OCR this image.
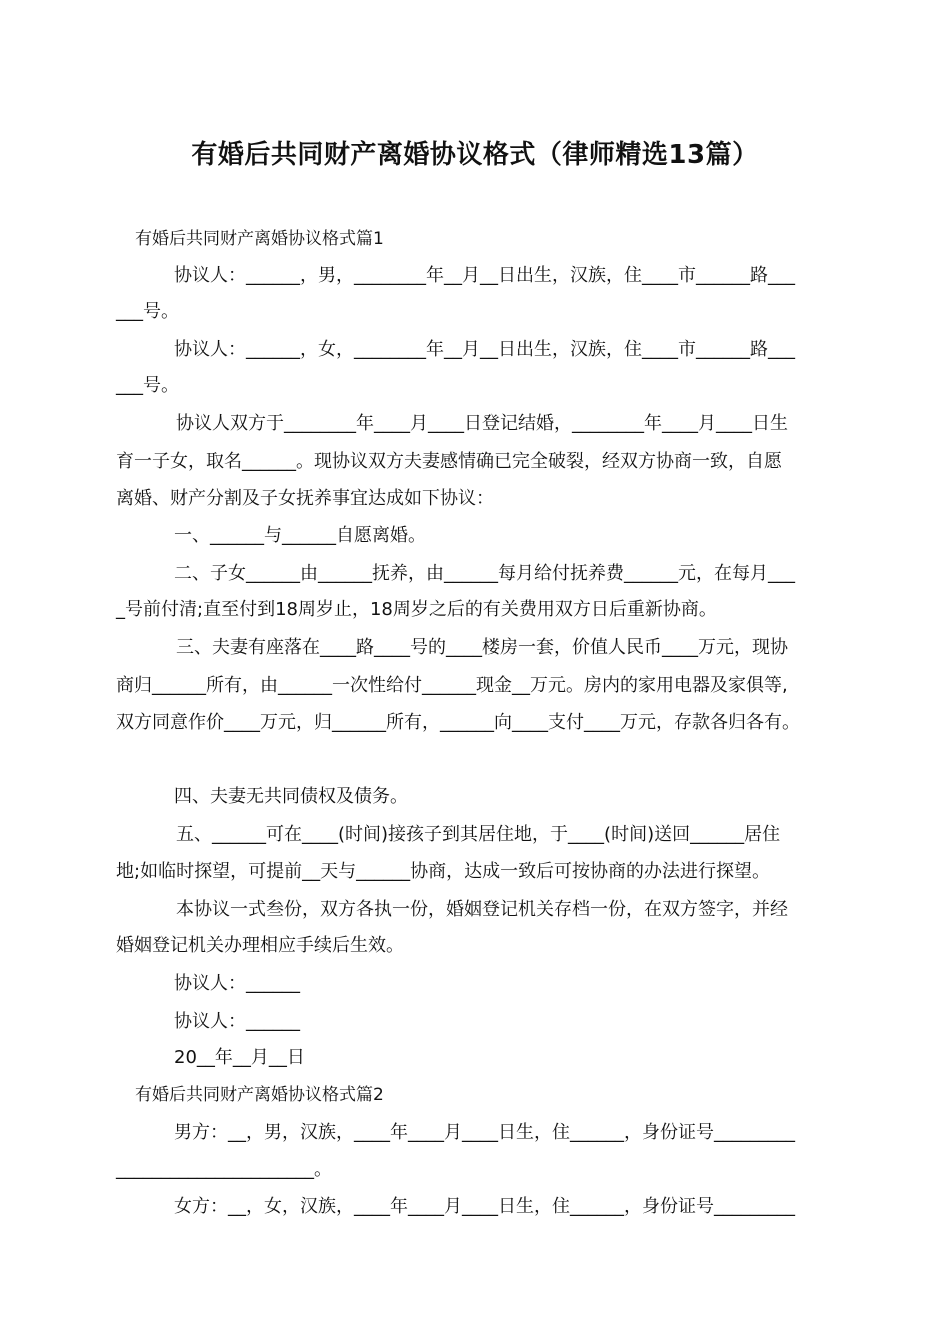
有婚后共同财产离婚协议格式（律师精选13篇）

有婚后共同财产离婚协议格式篇1

协议人：______，男，________年__月__日出生，汉族，住____市______路___

___号。

协议人：______，女，________年__月__日出生，汉族，住____市______路___

___号。

协议人双方于________年____月____日登记结婚，________年____月____日生

育一子女，取名______。现协议双方夫妻感情确已完全破裂，经双方协商一致，自愿

离婚、财产分割及子女抚养事宜达成如下协议：

一、______与______自愿离婚。

二、子女______由______抚养，由______每月给付抚养费______元，在每月___

_号前付清;直至付到18周岁止，18周岁之后的有关费用双方日后重新协商。

三、夫妻有座落在____路____号的____楼房一套，价值人民币____万元，现协

商归______所有，由______一次性给付______现金__万元。房内的家用电器及家俱等,

双方同意作价____万元，归______所有，______向____支付____万元，存款各归各有。

四、夫妻无共同债权及债务。

五、______可在____(时间)接孩子到其居住地，于____(时间)送回______居住

地;如临时探望，可提前__天与______协商，达成一致后可按协商的办法进行探望。

本协议一式叁份，双方各执一份，婚姻登记机关存档一份，在双方签字，并经

婚姻登记机关办理相应手续后生效。

协议人：______

协议人：______

20__年__月__日

有婚后共同财产离婚协议格式篇2

男方：__，男，汉族，____年____月____日生，住______，身份证号_________

______________________。

女方：__，女，汉族，____年____月____日生，住______，身份证号_________
